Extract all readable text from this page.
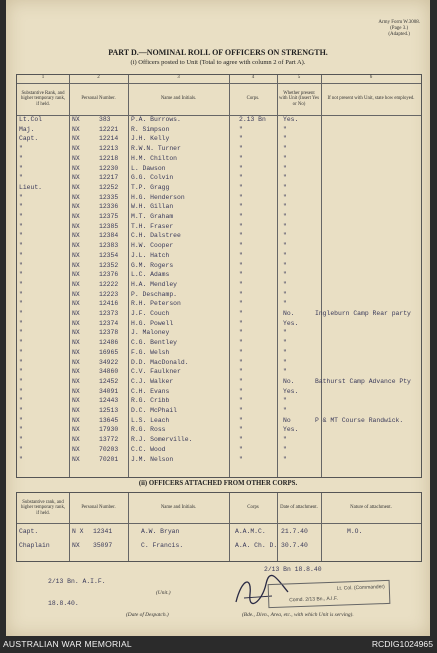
Army Form W.3008.
(Page 3.)
(Adapted.)
PART D.—NOMINAL ROLL OF OFFICERS ON STRENGTH.
(i) Officers posted to Unit (Total to agree with column 2 of Part A).
1	2	3	4	5	6
Substantive Rank, and higher temporary rank, if held.
Personal Number.	Name and Initials.	Corps.
Whether present with Unit (Insert Yes or No)
If not present with Unit, state how employed.
Lt.Col	NX	383	P.A. Burrows.	2.13 Bn	Yes.
Maj.	NX	12221 R. Simpson	"	"
Capt.	NX	12214 J.H. Kelly	"	"
"	NX	12213 R.W.N. Turner	"	"
"	NX	12218 H.M. Chilton	"	"
"	NX	12230 L. Dawson	"	"
"	NX	12217 G.G. Colvin	"	"
Lieut.	NX	12252 T.P. Gragg	"	"
"	NX	12335 H.G. Henderson	"	"
"	NX	12336 W.H. Gillan	"	"
"	NX	12375 M.T. Graham	"	"
"	NX	12385 T.H. Fraser	"	"
"	NX	12384 C.H. Dalstree	"	"
"	NX	12383 H.W. Cooper	"	"
"	NX	12354 J.L. Hatch	"	"
"	NX	12352 G.M. Rogers	"	"
"	NX	12376 L.C. Adams	"	"
"	NX	12222 H.A. Mendley	"	"
"	NX	12223 P. Deschamp.	"	"
"	NX	12416 R.H. Peterson	"	"
"	NX	12373 J.F. Couch	"	No.	Ingleburn Camp Rear party
"	NX	12374 H.G. Powell	"	Yes.
"	NX	12378 J. Maloney	"	"
"	NX	12486 C.G. Bentley	"	"
"	NX	16965 F.G. Welsh	"	"
"	NX	34922 D.D. MacDonald.	"	"
"	NX	34860 C.V. Faulkner	"	"
"	NX	12452 C.J. Walker	"	No.	Bathurst Camp Advance Pty
"	NX	34091 C.H. Evans	"	Yes.
"	NX	12443 R.G. Cribb	"	"
"	NX	12513 D.C. McPhail	"	"
"	NX	13645 L.S. Leach	"	No	P & MT Course Randwick.
"	NX	17930 R.G. Ross	"	Yes.
"	NX	13772 R.J. Somerville.	"	"
"	NX	70203 C.C. Wood	"	"
"	NX	70201 J.M. Nelson	"	"
(ii) OFFICERS ATTACHED FROM OTHER CORPS.
Substantive rank, and higher temporary rank, if held.
Personal Number.	Name and Initials.	Corps	Date of attachment.	Nature of attachment.
Capt.	N X 12341	A.W. Bryan	A.A.M.C. 21.7.40	M.O.
Chaplain	NX 35097	C. Francis.	A.A. Ch. D. 30.7.40
2/13 Bn. A.I.F.
(Unit.)
18.8.40.
(Date of Despatch.)
2/13 Bn 18.8.40
Lt. Col. (Commander)
Comd. 2/13 Bn., A.I.F.
(Bde., Divn., Area, etc., with which Unit is serving).
AUSTRALIAN WAR MEMORIAL	RCDIG1024965
